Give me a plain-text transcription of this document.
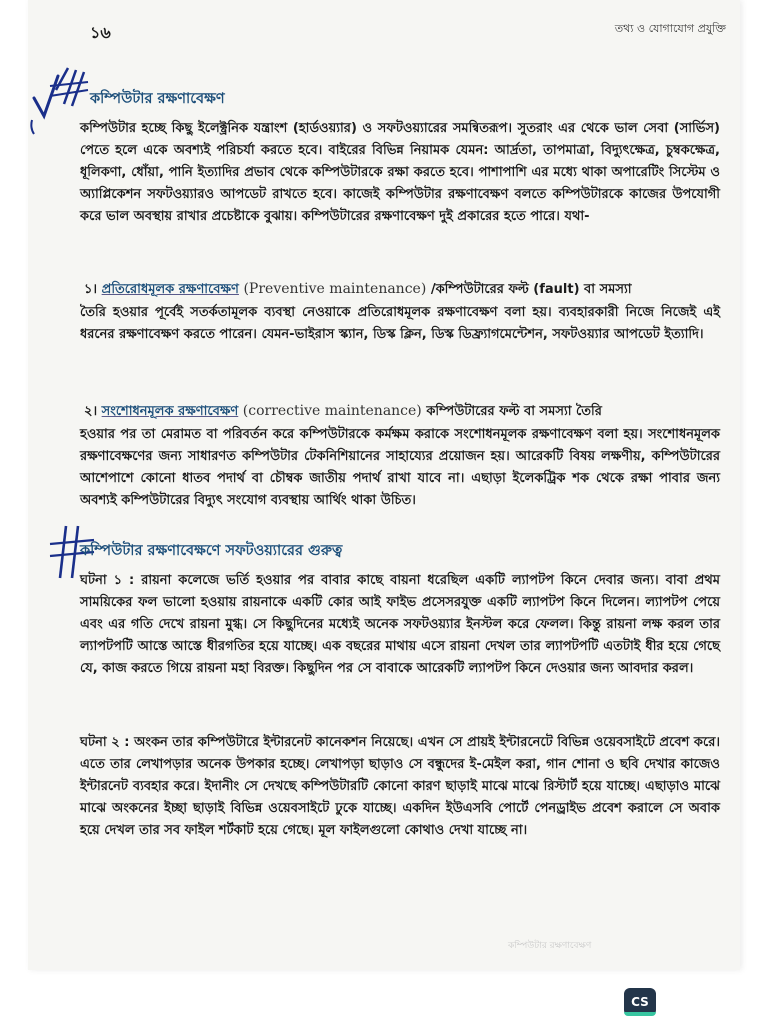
১৬	তথ্য ও যোগাযোগ প্রযুক্তি
কম্পিউটার রক্ষণাবেক্ষণ
কম্পিউটার হচ্ছে কিছু ইলেক্ট্রনিক যন্ত্রাংশ (হার্ডওয়্যার) ও সফটওয়্যারের সমন্বিতরূপ। সুতরাং এর থেকে ভাল সেবা (সার্ভিস) পেতে হলে একে অবশ্যই পরিচর্যা করতে হবে। বাইরের বিভিন্ন নিয়ামক যেমন: আর্দ্রতা, তাপমাত্রা, বিদ্যুৎক্ষেত্র, চুম্বকক্ষেত্র, ধূলিকণা, ধোঁয়া, পানি ইত্যাদির প্রভাব থেকে কম্পিউটারকে রক্ষা করতে হবে। পাশাপাশি এর মধ্যে থাকা অপারেটিং সিস্টেম ও অ্যাপ্লিকেশন সফটওয়্যারও আপডেট রাখতে হবে। কাজেই কম্পিউটার রক্ষণাবেক্ষণ বলতে কম্পিউটারকে কাজের উপযোগী করে ভাল অবস্থায় রাখার প্রচেষ্টাকে বুঝায়। কম্পিউটারের রক্ষণাবেক্ষণ দুই প্রকারের হতে পারে। যথা-
১। প্রতিরোধমূলক রক্ষণাবেক্ষণ (Preventive maintenance) /কম্পিউটারের ফল্ট (fault) বা সমস্যা
তৈরি হওয়ার পূর্বেই সতর্কতামূলক ব্যবস্থা নেওয়াকে প্রতিরোধমূলক রক্ষণাবেক্ষণ বলা হয়। ব্যবহারকারী নিজে নিজেই এই ধরনের রক্ষণাবেক্ষণ করতে পারেন। যেমন-ভাইরাস স্ক্যান, ডিস্ক ক্লিন, ডিস্ক ডিফ্র্যাগমেন্টেশন, সফটওয়্যার আপডেট ইত্যাদি।
২। সংশোধনমূলক রক্ষণাবেক্ষণ (corrective maintenance) কম্পিউটারের ফল্ট বা সমস্যা তৈরি
হওয়ার পর তা মেরামত বা পরিবর্তন করে কম্পিউটারকে কর্মক্ষম করাকে সংশোধনমূলক রক্ষণাবেক্ষণ বলা হয়। সংশোধনমূলক রক্ষণাবেক্ষণের জন্য সাধারণত কম্পিউটার টেকনিশিয়ানের সাহায্যের প্রয়োজন হয়। আরেকটি বিষয় লক্ষণীয়, কম্পিউটারের আশেপাশে কোনো ধাতব পদার্থ বা চৌম্বক জাতীয় পদার্থ রাখা যাবে না। এছাড়া ইলেকট্রিক শক থেকে রক্ষা পাবার জন্য অবশ্যই কম্পিউটারের বিদ্যুৎ সংযোগ ব্যবস্থায় আর্থিং থাকা উচিত।
কম্পিউটার রক্ষণাবেক্ষণে সফটওয়্যারের গুরুত্ব
ঘটনা ১ : রায়না কলেজে ভর্তি হওয়ার পর বাবার কাছে বায়না ধরেছিল একটি ল্যাপটপ কিনে দেবার জন্য। বাবা প্রথম সাময়িকের ফল ভালো হওয়ায় রায়নাকে একটি কোর আই ফাইভ প্রসেসরযুক্ত একটি ল্যাপটপ কিনে দিলেন। ল্যাপটপ পেয়ে এবং এর গতি দেখে রায়না মুগ্ধ। সে কিছুদিনের মধ্যেই অনেক সফটওয়্যার ইনস্টল করে ফেলল। কিন্তু রায়না লক্ষ করল তার ল্যাপটপটি আস্তে আস্তে ধীরগতির হয়ে যাচ্ছে। এক বছরের মাথায় এসে রায়না দেখল তার ল্যাপটপটি এতটাই ধীর হয়ে গেছে যে, কাজ করতে গিয়ে রায়না মহা বিরক্ত। কিছুদিন পর সে বাবাকে আরেকটি ল্যাপটপ কিনে দেওয়ার জন্য আবদার করল।
ঘটনা ২ : অংকন তার কম্পিউটারে ইন্টারনেট কানেকশন নিয়েছে। এখন সে প্রায়ই ইন্টারনেটে বিভিন্ন ওয়েবসাইটে প্রবেশ করে। এতে তার লেখাপড়ার অনেক উপকার হচ্ছে। লেখাপড়া ছাড়াও সে বন্ধুদের ই-মেইল করা, গান শোনা ও ছবি দেখার কাজেও ইন্টারনেট ব্যবহার করে। ইদানীং সে দেখছে কম্পিউটারটি কোনো কারণ ছাড়াই মাঝে মাঝে রিস্টার্ট হয়ে যাচ্ছে। এছাড়াও মাঝে মাঝে অংকনের ইচ্ছা ছাড়াই বিভিন্ন ওয়েবসাইটে ঢুকে যাচ্ছে। একদিন ইউএসবি পোর্টে পেনড্রাইভ প্রবেশ করালে সে অবাক হয়ে দেখল তার সব ফাইল শর্টকাট হয়ে গেছে। মূল ফাইলগুলো কোথাও দেখা যাচ্ছে না।
কম্পিউটার রক্ষণাবেক্ষণ
CS
